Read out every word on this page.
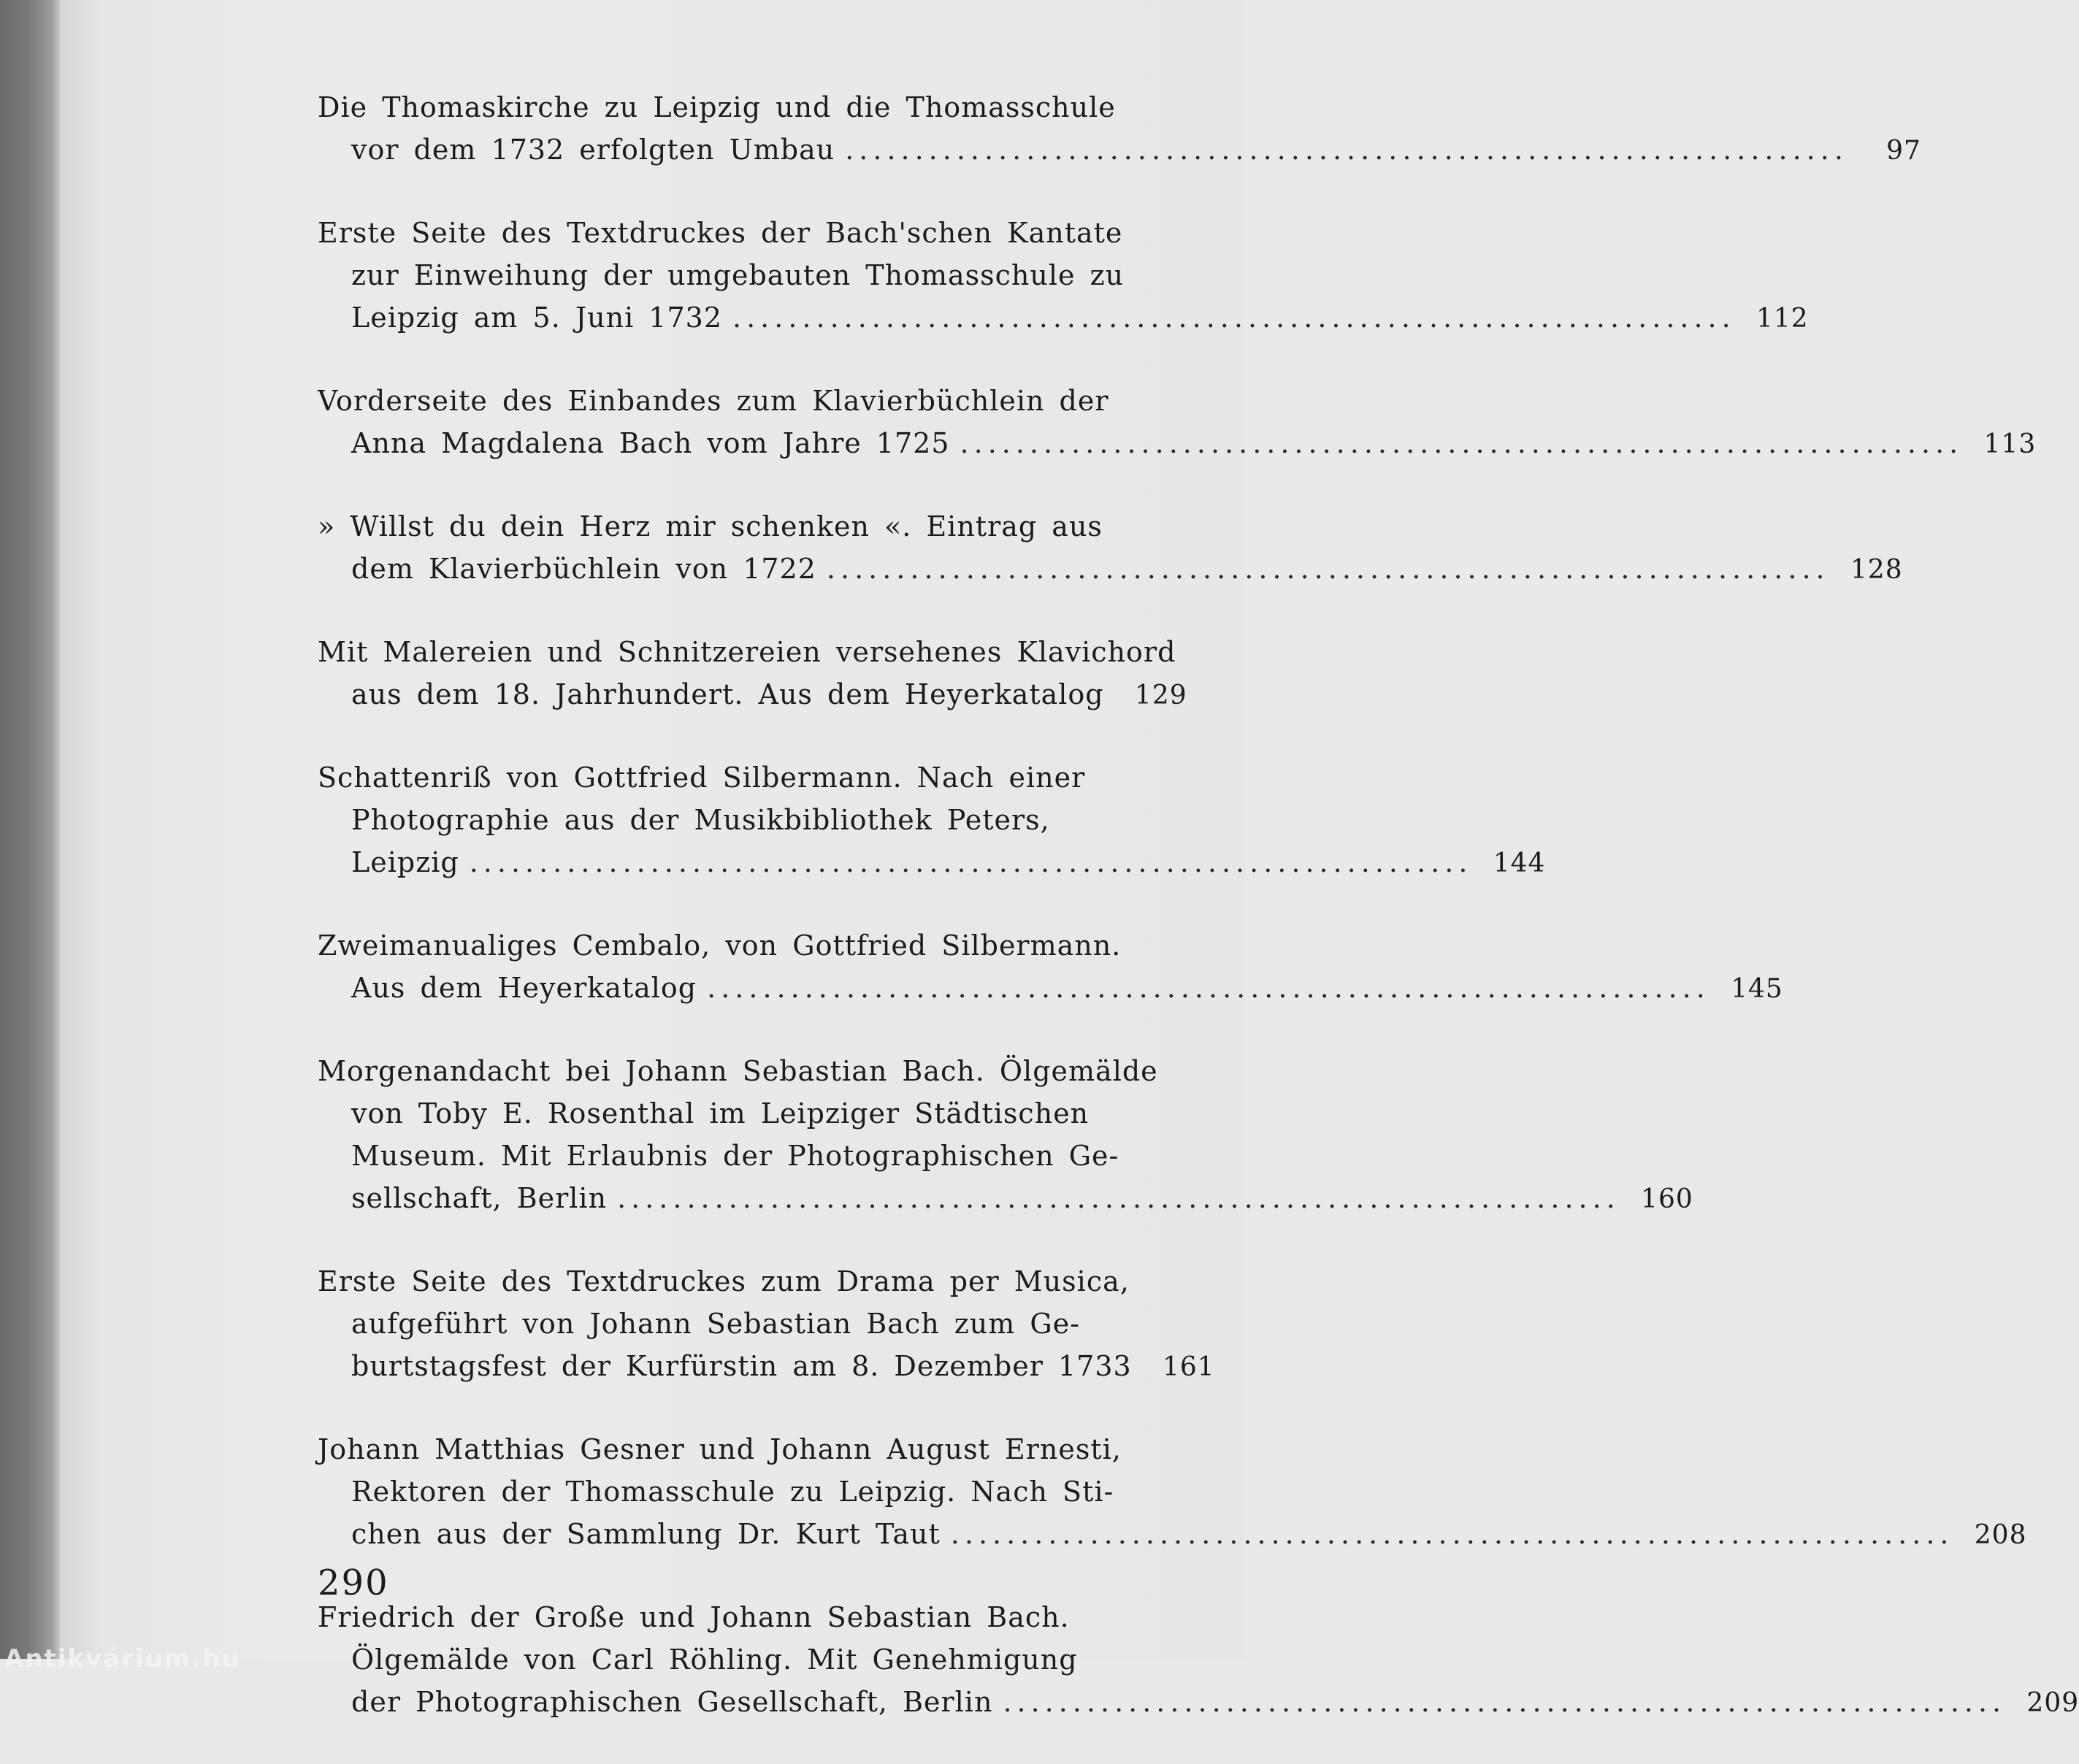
Die Thomaskirche zu Leipzig und die Thomasschule
vor dem 1732 erfolgten Umbau ........................................................................	97
Erste Seite des Textdruckes der Bach'schen Kantate
zur Einweihung der umgebauten Thomasschule zu
Leipzig am 5. Juni 1732 ........................................................................ 112
Vorderseite des Einbandes zum Klavierbüchlein der
Anna Magdalena Bach vom Jahre 1725 ........................................................................ 113
» Willst du dein Herz mir schenken «. Eintrag aus
dem Klavierbüchlein von 1722 ........................................................................ 128
Mit Malereien und Schnitzereien versehenes Klavichord
aus dem 18. Jahrhundert. Aus dem Heyerkatalog	129
Schattenriß von Gottfried Silbermann. Nach einer
Photographie aus der Musikbibliothek Peters,
Leipzig ........................................................................ 144
Zweimanualiges Cembalo, von Gottfried Silbermann.
Aus dem Heyerkatalog ........................................................................ 145
Morgenandacht bei Johann Sebastian Bach. Ölgemälde
von Toby E. Rosenthal im Leipziger Städtischen
Museum. Mit Erlaubnis der Photographischen Ge-
sellschaft, Berlin ........................................................................ 160
Erste Seite des Textdruckes zum Drama per Musica,
aufgeführt von Johann Sebastian Bach zum Ge-
burtstagsfest der Kurfürstin am 8. Dezember 1733	161
Johann Matthias Gesner und Johann August Ernesti,
Rektoren der Thomasschule zu Leipzig. Nach Sti-
chen aus der Sammlung Dr. Kurt Taut ........................................................................ 208
Friedrich der Große und Johann Sebastian Bach.
Ölgemälde von Carl Röhling. Mit Genehmigung
der Photographischen Gesellschaft, Berlin ........................................................................ 209
290
Antikvárium.hu
